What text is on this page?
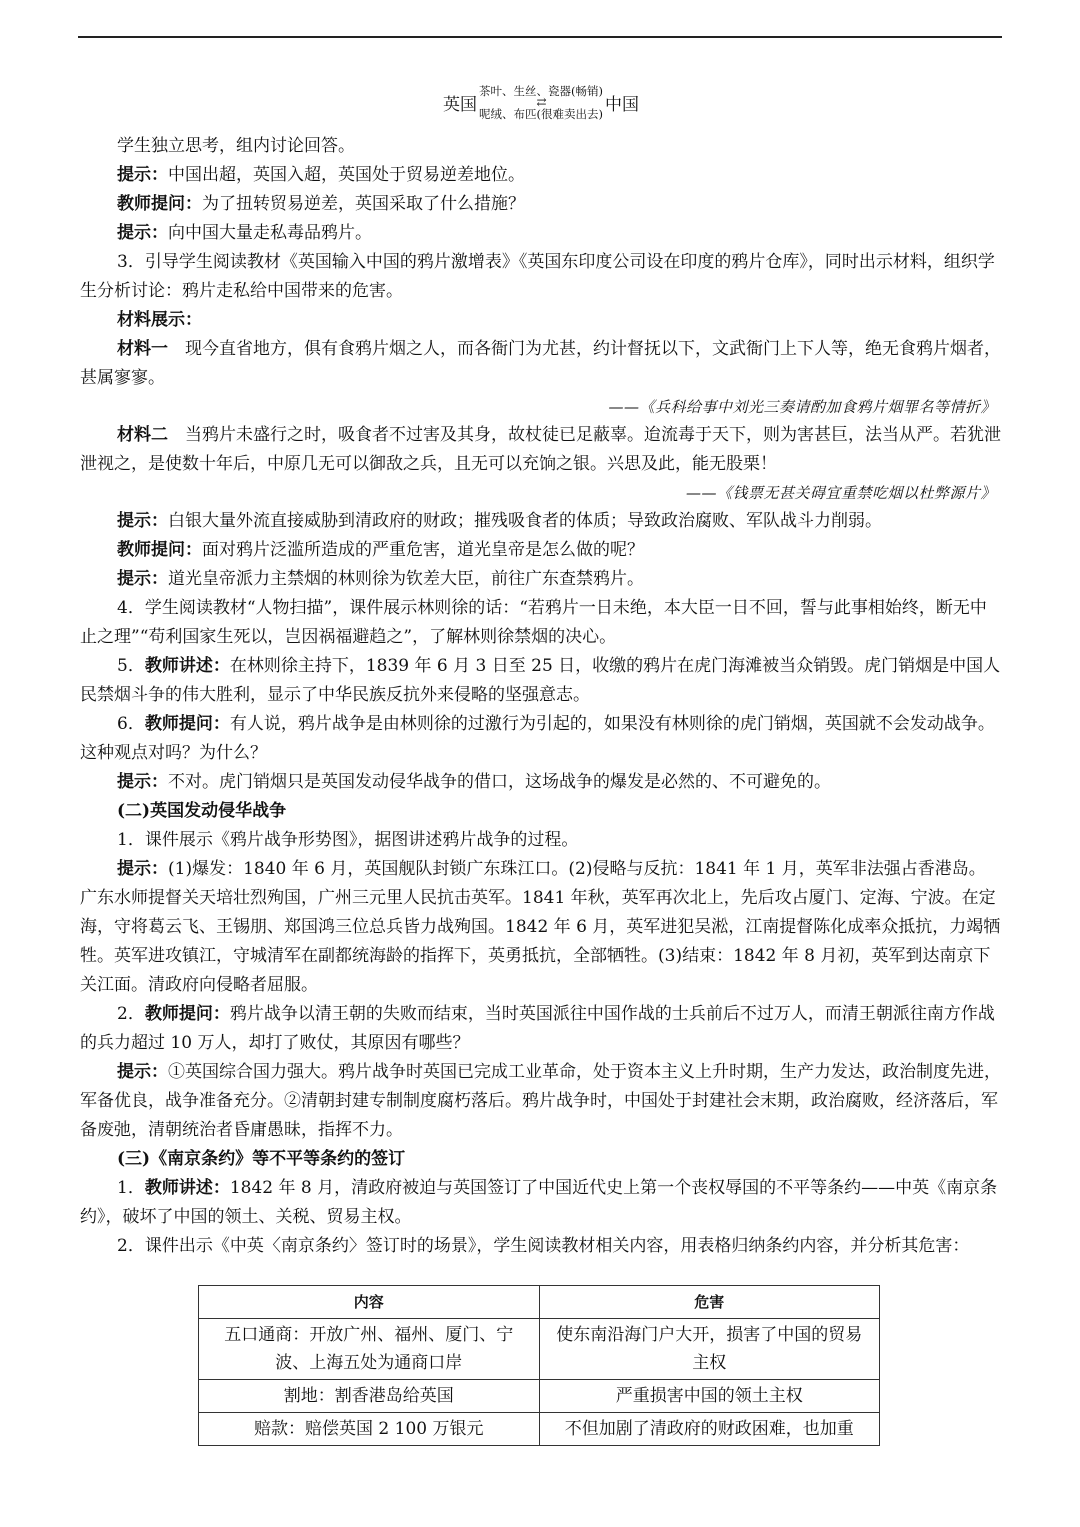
英国
茶叶、生丝、瓷器(畅销)
⇄
呢绒、布匹(很难卖出去) 中国

学生独立思考，组内讨论回答。

提示：中国出超，英国入超，英国处于贸易逆差地位。

教师提问：为了扭转贸易逆差，英国采取了什么措施？

提示：向中国大量走私毒品鸦片。

3．引导学生阅读教材《英国输入中国的鸦片激增表》《英国东印度公司设在印度的鸦片仓库》，同时出示材料，组织学生分析讨论：鸦片走私给中国带来的危害。

材料展示：

材料一　现今直省地方，俱有食鸦片烟之人，而各衙门为尤甚，约计督抚以下，文武衙门上下人等，绝无食鸦片烟者，甚属寥寥。

——《兵科给事中刘光三奏请酌加食鸦片烟罪名等情折》

材料二　当鸦片未盛行之时，吸食者不过害及其身，故杖徒已足蔽辜。迨流毒于天下，则为害甚巨，法当从严。若犹泄泄视之，是使数十年后，中原几无可以御敌之兵，且无可以充饷之银。兴思及此，能无股栗！

——《钱票无甚关碍宜重禁吃烟以杜弊源片》

提示：白银大量外流直接威胁到清政府的财政；摧残吸食者的体质；导致政治腐败、军队战斗力削弱。

教师提问：面对鸦片泛滥所造成的严重危害，道光皇帝是怎么做的呢？

提示：道光皇帝派力主禁烟的林则徐为钦差大臣，前往广东查禁鸦片。

4．学生阅读教材“人物扫描”，课件展示林则徐的话：“若鸦片一日未绝，本大臣一日不回，誓与此事相始终，断无中止之理”“苟利国家生死以，岂因祸福避趋之”，了解林则徐禁烟的决心。

5．教师讲述：在林则徐主持下，1839 年 6 月 3 日至 25 日，收缴的鸦片在虎门海滩被当众销毁。虎门销烟是中国人民禁烟斗争的伟大胜利，显示了中华民族反抗外来侵略的坚强意志。

6．教师提问：有人说，鸦片战争是由林则徐的过激行为引起的，如果没有林则徐的虎门销烟，英国就不会发动战争。这种观点对吗？为什么？

提示：不对。虎门销烟只是英国发动侵华战争的借口，这场战争的爆发是必然的、不可避免的。

(二)英国发动侵华战争

1．课件展示《鸦片战争形势图》，据图讲述鸦片战争的过程。

提示：(1)爆发：1840 年 6 月，英国舰队封锁广东珠江口。(2)侵略与反抗：1841 年 1 月，英军非法强占香港岛。广东水师提督关天培壮烈殉国，广州三元里人民抗击英军。1841 年秋，英军再次北上，先后攻占厦门、定海、宁波。在定海，守将葛云飞、王锡朋、郑国鸿三位总兵皆力战殉国。1842 年 6 月，英军进犯吴淞，江南提督陈化成率众抵抗，力竭牺牲。英军进攻镇江，守城清军在副都统海龄的指挥下，英勇抵抗，全部牺牲。(3)结束：1842 年 8 月初，英军到达南京下关江面。清政府向侵略者屈服。

2．教师提问：鸦片战争以清王朝的失败而结束，当时英国派往中国作战的士兵前后不过万人，而清王朝派往南方作战的兵力超过 10 万人，却打了败仗，其原因有哪些？

提示：①英国综合国力强大。鸦片战争时英国已完成工业革命，处于资本主义上升时期，生产力发达，政治制度先进，军备优良，战争准备充分。②清朝封建专制制度腐朽落后。鸦片战争时，中国处于封建社会末期，政治腐败，经济落后，军备废弛，清朝统治者昏庸愚昧，指挥不力。

(三)《南京条约》等不平等条约的签订

1．教师讲述：1842 年 8 月，清政府被迫与英国签订了中国近代史上第一个丧权辱国的不平等条约——中英《南京条约》，破坏了中国的领土、关税、贸易主权。

2．课件出示《中英〈南京条约〉签订时的场景》，学生阅读教材相关内容，用表格归纳条约内容，并分析其危害：

内容	危害
五口通商：开放广州、福州、厦门、宁波、上海五处为通商口岸	使东南沿海门户大开，损害了中国的贸易主权
割地：割香港岛给英国	严重损害中国的领土主权
赔款：赔偿英国 2 100 万银元	不但加剧了清政府的财政困难，也加重
